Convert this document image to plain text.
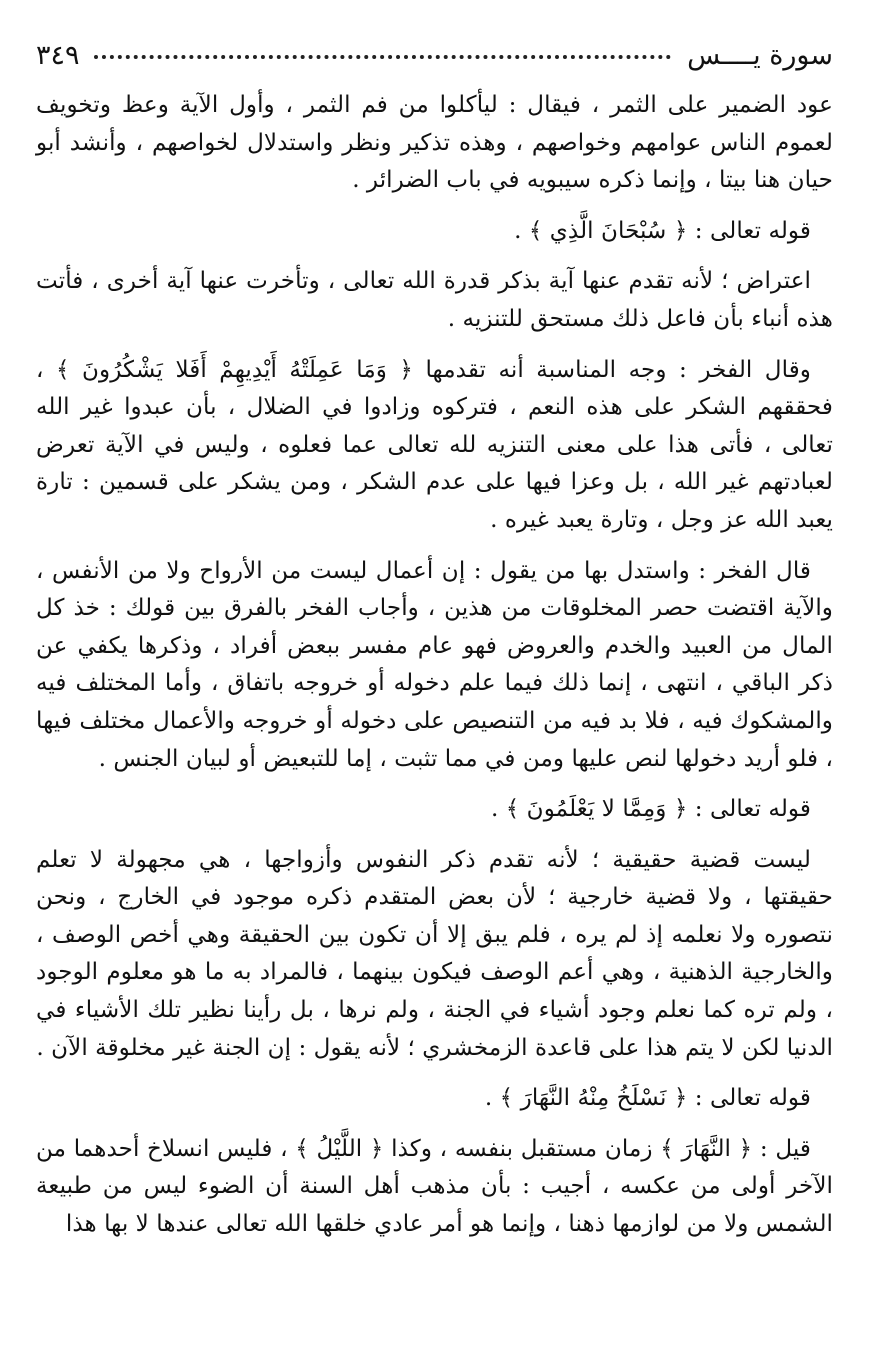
سورة يــــس
٣٤٩

عود الضمير على الثمر ، فيقال : ليأكلوا من فم الثمر ، وأول الآية وعظ وتخويف لعموم الناس عوامهم وخواصهم ، وهذه تذكير ونظر واستدلال لخواصهم ، وأنشد أبو حيان هنا بيتا ، وإنما ذكره سيبويه في باب الضرائر .

قوله تعالى : ﴿ سُبْحَانَ الَّذِي ﴾ .

اعتراض ؛ لأنه تقدم عنها آية بذكر قدرة الله تعالى ، وتأخرت عنها آية أخرى ، فأتت هذه أنباء بأن فاعل ذلك مستحق للتنزيه .

وقال الفخر : وجه المناسبة أنه تقدمها ﴿ وَمَا عَمِلَتْهُ أَيْدِيهِمْ أَفَلا يَشْكُرُونَ ﴾ ، فحققهم الشكر على هذه النعم ، فتركوه وزادوا في الضلال ، بأن عبدوا غير الله تعالى ، فأتى هذا على معنى التنزيه لله تعالى عما فعلوه ، وليس في الآية تعرض لعبادتهم غير الله ، بل وعزا فيها على عدم الشكر ، ومن يشكر على قسمين : تارة يعبد الله عز وجل ، وتارة يعبد غيره .

قال الفخر : واستدل بها من يقول : إن أعمال ليست من الأرواح ولا من الأنفس ، والآية اقتضت حصر المخلوقات من هذين ، وأجاب الفخر بالفرق بين قولك : خذ كل المال من العبيد والخدم والعروض فهو عام مفسر ببعض أفراد ، وذكرها يكفي عن ذكر الباقي ، انتهى ، إنما ذلك فيما علم دخوله أو خروجه باتفاق ، وأما المختلف فيه والمشكوك فيه ، فلا بد فيه من التنصيص على دخوله أو خروجه والأعمال مختلف فيها ، فلو أريد دخولها لنص عليها ومن في مما تثبت ، إما للتبعيض أو لبيان الجنس .

قوله تعالى : ﴿ وَمِمَّا لا يَعْلَمُونَ ﴾ .

ليست قضية حقيقية ؛ لأنه تقدم ذكر النفوس وأزواجها ، هي مجهولة لا تعلم حقيقتها ، ولا قضية خارجية ؛ لأن بعض المتقدم ذكره موجود في الخارج ، ونحن نتصوره ولا نعلمه إذ لم يره ، فلم يبق إلا أن تكون بين الحقيقة وهي أخص الوصف ، والخارجية الذهنية ، وهي أعم الوصف فيكون بينهما ، فالمراد به ما هو معلوم الوجود ، ولم تره كما نعلم وجود أشياء في الجنة ، ولم نرها ، بل رأينا نظير تلك الأشياء في الدنيا لكن لا يتم هذا على قاعدة الزمخشري ؛ لأنه يقول : إن الجنة غير مخلوقة الآن .

قوله تعالى : ﴿ نَسْلَخُ مِنْهُ النَّهَارَ ﴾ .

قيل : ﴿ النَّهَارَ ﴾ زمان مستقبل بنفسه ، وكذا ﴿ اللَّيْلُ ﴾ ، فليس انسلاخ أحدهما من الآخر أولى من عكسه ، أجيب : بأن مذهب أهل السنة أن الضوء ليس من طبيعة الشمس ولا من لوازمها ذهنا ، وإنما هو أمر عادي خلقها الله تعالى عندها لا بها هذا
